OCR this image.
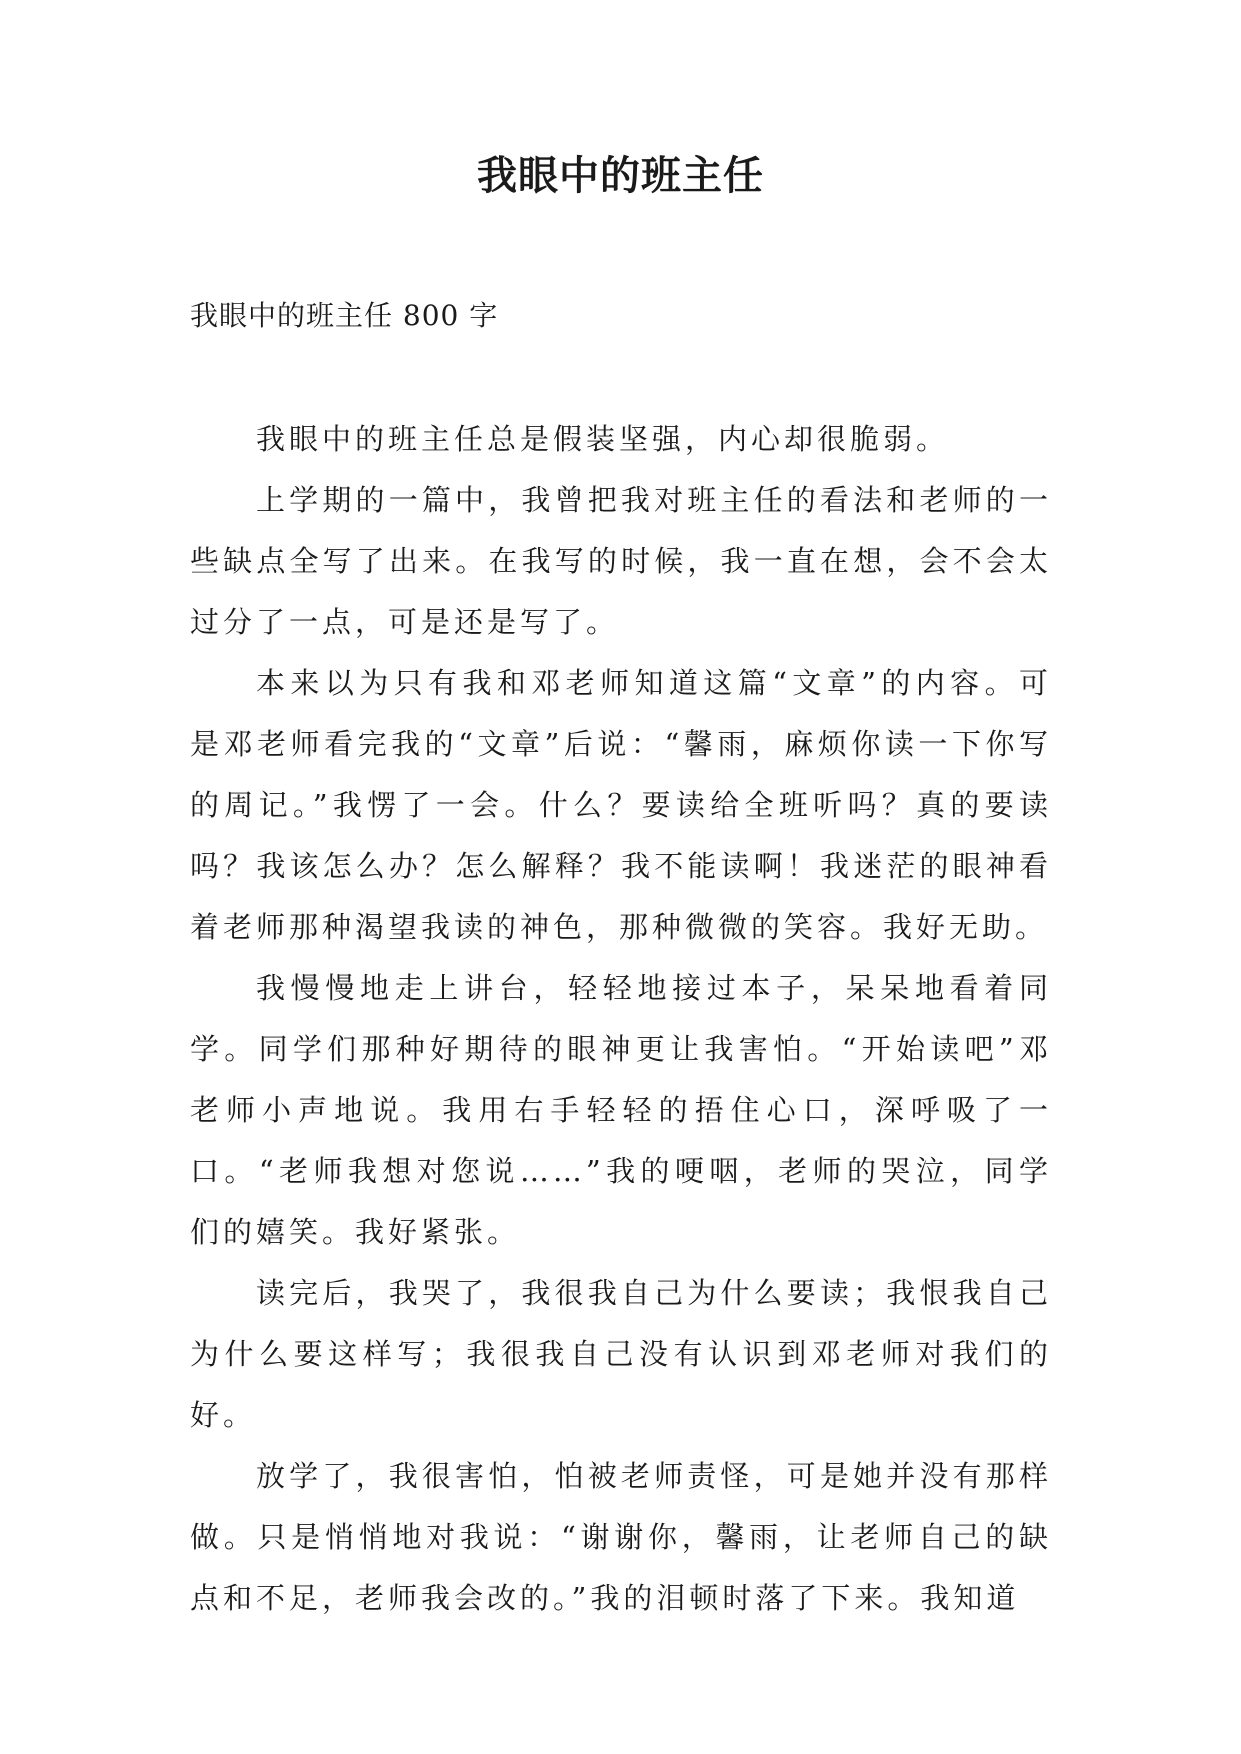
我眼中的班主任

我眼中的班主任 800 字

我眼中的班主任总是假装坚强，内心却很脆弱。

上学期的一篇中，我曾把我对班主任的看法和老师的一些缺点全写了出来。在我写的时候，我一直在想，会不会太过分了一点，可是还是写了。

本来以为只有我和邓老师知道这篇“文章”的内容。可是邓老师看完我的“文章”后说：“馨雨，麻烦你读一下你写的周记。”我愣了一会。什么？要读给全班听吗？真的要读吗？我该怎么办？怎么解释？我不能读啊！我迷茫的眼神看着老师那种渴望我读的神色，那种微微的笑容。我好无助。

我慢慢地走上讲台，轻轻地接过本子，呆呆地看着同学。同学们那种好期待的眼神更让我害怕。“开始读吧”邓老师小声地说。我用右手轻轻的捂住心口，深呼吸了一口。“老师我想对您说……”我的哽咽，老师的哭泣，同学们的嬉笑。我好紧张。

读完后，我哭了，我很我自己为什么要读；我恨我自己为什么要这样写；我很我自己没有认识到邓老师对我们的好。

放学了，我很害怕，怕被老师责怪，可是她并没有那样做。只是悄悄地对我说：“谢谢你，馨雨，让老师自己的缺点和不足，老师我会改的。”我的泪顿时落了下来。我知道
